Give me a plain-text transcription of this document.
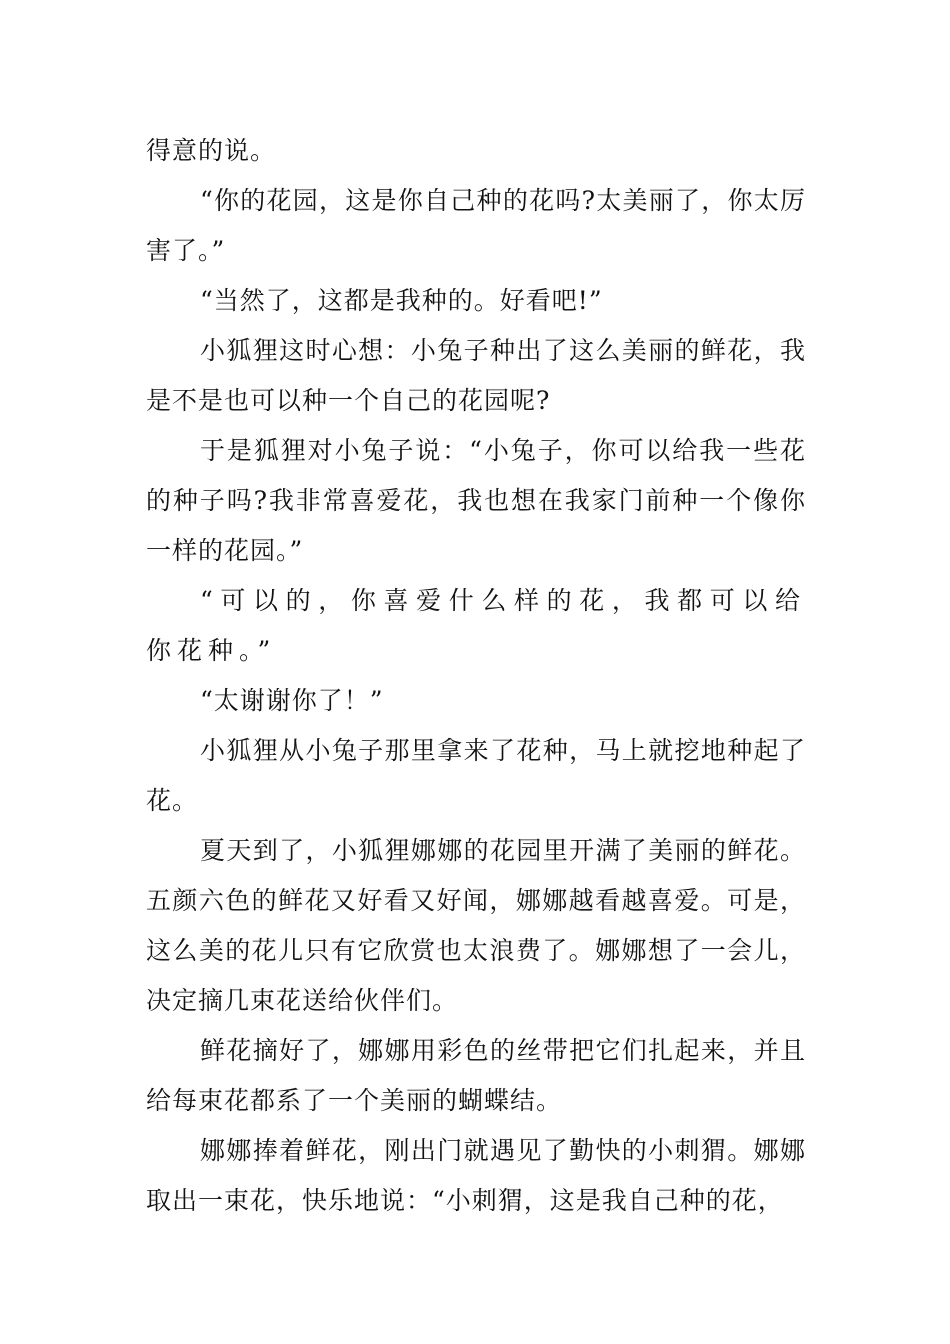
得意的说。

“你的花园，这是你自己种的花吗?太美丽了，你太厉害了。”

“当然了，这都是我种的。好看吧!”

小狐狸这时心想：小兔子种出了这么美丽的鲜花，我是不是也可以种一个自己的花园呢?

于是狐狸对小兔子说：“小兔子，你可以给我一些花的种子吗?我非常喜爱花，我也想在我家门前种一个像你一样的花园。”

“可以的，你喜爱什么样的花，我都可以给你花种。”

“太谢谢你了！”

小狐狸从小兔子那里拿来了花种，马上就挖地种起了花。

夏天到了，小狐狸娜娜的花园里开满了美丽的鲜花。五颜六色的鲜花又好看又好闻，娜娜越看越喜爱。可是，这么美的花儿只有它欣赏也太浪费了。娜娜想了一会儿，决定摘几束花送给伙伴们。

鲜花摘好了，娜娜用彩色的丝带把它们扎起来，并且给每束花都系了一个美丽的蝴蝶结。

娜娜捧着鲜花，刚出门就遇见了勤快的小刺猬。娜娜取出一束花，快乐地说：“小刺猬，这是我自己种的花，
